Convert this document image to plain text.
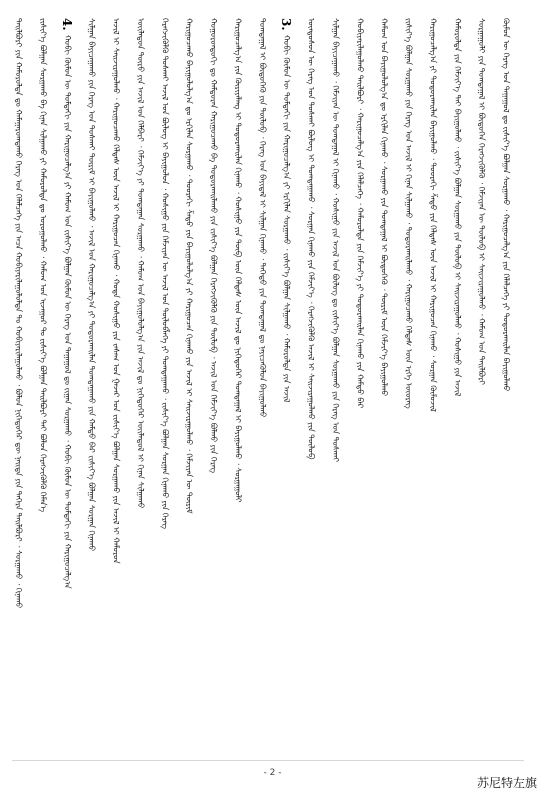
ᠲᠠᠢ᠌ᠯᠪᠤᠷᠢ ᠶᠢᠨ ᠬᠠᠮᠤᠷᠤᠯᠲᠠ ᠳᠤ ᠬᠠᠮᠠᠭᠠᠷᠤᠭᠳᠠᠬᠤ ᠬᠡᠷᠡᠭ ᠤᠨ ᠬᠡᠯᠡᠯᠴᠡᠭᠡ ᠶᠢᠨ ᠠᠴᠠ ᠬᠤᠪᠢᠶᠠᠷᠢᠯᠠᠭᠤᠯᠤᠯᠲᠠ ᠲᠤ ᠬᠤᠪᠢᠶᠠᠷᠢᠯᠠᠭᠤᠯᠬᠤ ᠂ ᠪᠣᠯᠤᠨ ᠨᠢᠭᠡᠳᠦᠭᠡᠷ ᠳᠦ ᠨᠡᠢᠲᠡ ᠶᠢᠨ ᠳᠡᠭᠡᠷᠡ ᠲᠠᠢ᠌ᠯᠪᠤᠷᠢ ᠂ ᠰᠤᠷᠭᠠᠬᠤ ᠂ ᠬᠢᠨᠠᠬᠤ ᠵᠢᠱᠢᠶ᠎ᠡ ᠪᠣᠯᠭᠠᠨ ᠰᠤᠷᠭᠠᠬᠤ ᠪᠠ ᠬᠢᠨᠠᠨ ᠰᠢᠯᠭᠠᠬᠤ ᠶᠢ ᠬᠠᠮᠤᠷᠤᠯᠲᠠ ᠳᠤ ᠣᠷᠤᠭᠤᠯᠬᠤ ᠂ ᠬᠠᠮᠤᠭ ᠤᠨ ᠢᠵᠠᠭᠤᠷ ᠲᠤ ᠵᠢᠱᠢᠶ᠎ᠡ ᠪᠣᠯᠭᠠᠨ ᠲᠠᠢ᠌ᠯᠪᠤᠷᠢ ᠲᠠᠢ ᠪᠣᠯᠤᠨ ᠬᠡᠷᠡᠭᠵᠢᠬᠦᠯᠬᠦ ᠬᠡᠮᠡᠨ᠎ᠡ 4.
ᠬᠤᠪᠢ ᠬᠦᠮᠦᠨ ᠦ ᠳᠤᠮᠳᠠᠬᠢ ᠶᠢᠨ ᠬᠠᠷᠢᠭᠤᠴᠠᠯᠭ᠎ᠠ ᠶᠢ ᠬᠠᠮᠤᠭ ᠤᠨ ᠵᠢᠱᠢᠶ᠎ᠡ ᠪᠣᠯᠭᠠᠨ ᠬᠦᠮᠦᠨ ᠦ ᠬᠡᠷᠡᠭ ᠤᠨ ᠳᠠᠭᠠᠭᠤᠯ ᠳᠤ ᠵᠢᠭᠠᠨ ᠰᠤᠷᠭᠠᠬᠤ ᠂ ᠬᠤᠪᠢ ᠬᠦᠮᠦᠨ ᠦ ᠳᠤᠮᠳᠠᠬᠢ ᠶᠢᠨ ᠬᠠᠷᠢᠭᠤᠴᠠᠯᠭ᠎ᠠ ᠰᠢᠯᠭᠠᠨ ᠪᠠᠶᠢᠴᠠᠭᠠᠬᠤ ᠶᠢᠨ ᠬᠡᠷᠡᠭ ᠤᠨ ᠲᠤᠰᠬᠠᠢ ᠳᠦᠷᠢᠮ ᠢ ᠪᠠᠶᠢᠭᠤᠯᠬᠤ ᠂ ᠠᠵᠢᠯ ᠤᠨ ᠬᠠᠷᠢᠭᠤᠴᠠᠯᠭ᠎ᠠ ᠶᠢ ᠲᠣᠳᠣᠷᠬᠠᠢᠯᠠᠨ ᠲᠣᠭᠲᠠᠭᠠᠬᠤ ᠶᠢᠨ ᠬᠠᠮᠲᠤ ᠪᠡᠷ ᠵᠢᠱᠢᠶ᠎ᠡ ᠪᠣᠯᠭᠠᠨ ᠰᠤᠷᠭᠠᠨ ᠬᠢᠨᠠᠬᠤ ᠠᠵᠢᠯ ᠢ ᠰᠠᠢᠵᠢᠷᠠᠭᠤᠯᠬᠤ ᠂ ᠬᠠᠷᠢᠭᠤᠴᠠᠬᠤ ᠬᠡᠯᠲᠡᠰ ᠦᠨ ᠠᠵᠢᠯ ᠢ ᠬᠠᠷᠢᠭᠤᠴᠠᠨ ᠬᠢᠨᠠᠬᠤ ᠂ ᠬᠣᠲᠠ ᠬᠣᠰᠢᠭᠤ ᠶᠢᠨ ᠵᠠᠰᠠᠭ ᠤᠨ ᠭᠠᠵᠠᠷ ᠤᠨ ᠵᠢᠱᠢᠶ᠎ᠡ ᠪᠣᠯᠭᠠᠨ ᠰᠤᠷᠭᠠᠬᠤ ᠶᠢᠨ ᠠᠵᠢᠯ ᠢ ᠬᠠᠮᠤᠷᠤᠨ ᠦᠢᠯᠡᠳᠦᠨ ᠲᠦᠷᠦ ᠶᠢᠨ ᠠᠵᠢᠯ ᠤᠨ ᠬᠡᠯᠪᠡᠷᠢ ᠂ ᠬᠡᠮᠵᠢᠶ᠎ᠡ ᠶᠢ ᠲᠣᠭᠲᠠᠭᠠᠨ ᠰᠤᠷᠭᠠᠬᠤ ᠂ ᠬᠠᠮᠤᠭ ᠤᠨ ᠪᠠᠶᠢᠭᠤᠯᠤᠯᠭ᠎ᠠ ᠶᠢᠨ ᠠᠵᠢᠯ ᠳᠤ ᠨᠢᠭᠡᠳᠦᠭᠡᠷ ᠦᠢᠯᠡᠳᠦᠯ ᠢ ᠬᠢᠨᠠᠨ ᠰᠢᠯᠭᠠᠬᠤ ᠬᠡᠷᠡᠭᠵᠢᠬᠦᠯᠬᠦ ᠲᠤᠰᠬᠠᠢ ᠠᠵᠢᠯ ᠤᠨ ᠪᠦᠯᠦᠭ ᠢ ᠪᠠᠶᠢᠭᠤᠯᠤᠨ ᠂ ᠬᠣᠰᠢᠭᠤ ᠶᠢᠨ ᠬᠡᠮᠵᠢᠶᠡᠨ ᠦ ᠠᠵᠢᠯ ᠤᠨ ᠲᠥᠯᠥᠪᠯᠡᠭᠡ ᠶᠢ ᠲᠣᠭᠲᠠᠭᠠᠬᠤ ᠂ ᠵᠢᠱᠢᠶ᠎ᠡ ᠪᠣᠯᠭᠠᠨ ᠰᠤᠷᠭᠠᠨ ᠬᠢᠨᠠᠬᠤ ᠶᠢᠨ ᠬᠡᠷᠡᠭ ᠬᠠᠷᠢᠭᠤᠴᠠᠬᠤ ᠪᠠᠶᠢᠭᠤᠯᠤᠯᠭ᠎ᠠ ᠳᠤ ᠡᠷᠬᠢᠯᠡᠨ ᠰᠤᠷᠭᠠᠬᠤ ᠂ ᠳᠣᠣᠷᠠᠬᠢ ᠱᠠᠲᠤ ᠶᠢᠨ ᠪᠠᠶᠢᠭᠤᠯᠤᠯᠭ᠎ᠠ ᠶᠢ ᠬᠠᠷᠢᠭᠤᠴᠠᠨ ᠬᠢᠨᠠᠬᠤ ᠶᠢᠨ ᠠᠵᠢᠯ ᠢ ᠰᠠᠢᠵᠢᠷᠠᠭᠤᠯᠬᠤ ᠂ ᠬᠡᠮᠵᠢᠶᠡᠨ ᠦ ᠳᠦᠷᠢᠮ ᠬᠣᠭᠣᠷᠣᠨᠳᠣᠬᠢ ᠳᠤ ᠬᠠᠮᠲᠤᠷᠠᠨ ᠬᠠᠷᠢᠭᠤᠴᠠᠬᠤ ᠪᠠ ᠲᠣᠳᠣᠷᠬᠠᠢᠯᠠᠬᠤ ᠶᠢᠨ ᠵᠢᠱᠢᠶ᠎ᠡ ᠪᠣᠯᠭᠠᠨ ᠬᠡᠷᠡᠭᠵᠢᠬᠦᠯᠬᠦ ᠶᠢᠨ ᠲᠥᠯᠦᠪ ᠂ ᠠᠵᠢᠯ ᠤᠨ ᠬᠡᠮᠵᠢᠶ᠎ᠡ ᠪᠣᠯᠬᠤ ᠶᠢᠨ ᠬᠡᠷᠡᠭ ᠬᠠᠷᠢᠭᠤᠴᠠᠯᠭ᠎ᠠ ᠶᠢᠨ ᠬᠦᠷᠢᠶᠡᠯᠡᠩ ᠢ ᠲᠣᠳᠣᠷᠬᠠᠢᠯᠠᠨ ᠬᠢᠨᠠᠬᠤ ᠂ ᠬᠣᠰᠢᠭᠤ ᠶᠢᠨ ᠲᠥᠪ ᠦᠨ ᠬᠡᠯᠲᠡᠰ ᠦᠨ ᠠᠵᠢᠯ ᠳᠤ ᠨᠢᠭᠡᠳᠦᠭᠡᠷ ᠲᠣᠭᠲᠠᠭᠠᠯ ᠢ ᠪᠠᠶᠢᠭᠤᠯᠬᠤ ᠂ ᠰᠤᠷᠭᠠᠭᠤᠯᠢ ᠲᠣᠭᠲᠠᠭᠠᠯ ᠢ ᠪᠦᠲᠦᠭᠡᠬᠦ ᠶᠢᠨ ᠲᠥᠯᠦᠪ ᠂ ᠬᠡᠷᠡᠭ ᠤᠨ ᠪᠠᠶᠢᠳᠠᠯ ᠢ ᠰᠢᠯᠭᠠᠨ ᠬᠢᠨᠠᠬᠤ ᠂ ᠳᠡᠭᠡᠳᠦ ᠶᠢᠨ ᠲᠣᠭᠲᠠᠭᠠᠯ ᠳᠤ ᠨᠡᠶᠢᠴᠡᠭᠦᠯᠦᠨ ᠪᠠᠶᠢᠭᠤᠯᠬᠤ 3.
ᠬᠤᠪᠢ ᠬᠦᠮᠦᠨ ᠦ ᠳᠤᠮᠳᠠᠬᠢ ᠶᠢᠨ ᠬᠠᠷᠢᠭᠤᠴᠠᠯᠭ᠎ᠠ ᠶᠢ ᠡᠷᠬᠢᠯᠡᠨ ᠰᠤᠷᠭᠠᠬᠤ ᠂ ᠵᠢᠱᠢᠶ᠎ᠡ ᠪᠣᠯᠭᠠᠨ ᠰᠢᠯᠭᠠᠬᠤ ᠂ ᠬᠠᠮᠤᠷᠤᠯᠲᠠ ᠶᠢᠨ ᠠᠵᠢᠯ ᠦᠨᠳᠦᠰᠦᠨ ᠦ ᠬᠡᠷᠡᠭ ᠤᠨ ᠲᠤᠰᠬᠠᠢ ᠪᠦᠯᠦᠭ ᠢ ᠲᠣᠭᠲᠠᠭᠠᠬᠤ ᠂ ᠰᠤᠷᠭᠠᠨ ᠬᠢᠨᠠᠬᠤ ᠶᠢᠨ ᠬᠡᠮᠵᠢᠶ᠎ᠡ ᠂ ᠬᠡᠷᠡᠭᠵᠢᠬᠦᠯᠬᠦ ᠠᠵᠢᠯ ᠢ ᠰᠠᠢᠵᠢᠷᠠᠭᠤᠯᠬᠤ ᠶᠢᠨ ᠲᠥᠯᠦᠪ ᠰᠢᠯᠭᠠᠨ ᠪᠠᠶᠢᠴᠠᠭᠠᠬᠤ ᠂ ᠬᠡᠮᠵᠢᠶᠡᠨ ᠦ ᠲᠣᠭᠲᠠᠭᠠᠯ ᠢ ᠬᠢᠨᠠᠬᠤ ᠂ ᠬᠣᠰᠢᠭᠤ ᠶᠢᠨ ᠠᠵᠢᠯ ᠤᠨ ᠪᠦᠯᠦᠭ ᠳᠤ ᠵᠢᠱᠢᠶ᠎ᠡ ᠪᠣᠯᠭᠠᠨ ᠰᠤᠷᠭᠠᠬᠤ ᠶᠢᠨ ᠬᠡᠷᠡᠭ ᠤᠨ ᠲᠤᠰᠬᠠᠢ ᠬᠤᠪᠢᠶᠠᠷᠢᠯᠠᠭᠤᠯᠬᠤ ᠲᠠᠢ᠌ᠯᠪᠤᠷᠢ ᠂ ᠬᠠᠷᠢᠭᠤᠴᠠᠯᠭ᠎ᠠ ᠶᠢᠨ ᠬᠡᠯᠡᠯᠴᠡᠭᠡ ᠂ ᠬᠠᠮᠤᠷᠤᠯᠲᠠ ᠶᠢᠨ ᠬᠡᠮᠵᠢᠶ᠎ᠡ ᠶᠢ ᠲᠣᠳᠣᠷᠬᠠᠢᠯᠠᠨ ᠬᠢᠨᠠᠬᠤ ᠶᠢᠨ ᠬᠠᠮᠲᠤ ᠪᠡᠷ ᠬᠠᠮᠤᠭ ᠤᠨ ᠪᠠᠶᠢᠭᠤᠯᠤᠯᠭ᠎ᠠ ᠳᠤ ᠡᠷᠬᠢᠯᠡᠨ ᠬᠢᠨᠠᠬᠤ ᠂ ᠰᠤᠷᠭᠠᠬᠤ ᠶᠢᠨ ᠲᠣᠭᠲᠠᠭᠠᠯ ᠢ ᠪᠦᠲᠦᠭᠡᠬᠦ ᠂ ᠳᠦᠷᠢᠮ ᠦᠨ ᠬᠡᠮᠵᠢᠶ᠎ᠡ ᠪᠠᠶᠢᠭᠤᠯᠬᠤ ᠵᠢᠱᠢᠶ᠎ᠡ ᠪᠣᠯᠭᠠᠨ ᠰᠤᠷᠭᠠᠬᠤ ᠶᠢᠨ ᠬᠡᠷᠡᠭ ᠤᠨ ᠠᠵᠢᠯ ᠢ ᠬᠢᠨᠠᠨ ᠰᠢᠯᠭᠠᠬᠤ ᠂ ᠲᠣᠳᠣᠷᠬᠠᠢᠯᠠᠬᠤ ᠂ ᠬᠠᠷᠢᠭᠤᠴᠠᠬᠤ ᠬᠡᠯᠲᠡᠰ ᠦᠨ ᠡᠷᠬᠡ ᠦᠦᠷᠡᠭ ᠬᠠᠷᠢᠭᠤᠴᠠᠯᠭ᠎ᠠ ᠶᠢ ᠲᠣᠳᠣᠷᠬᠠᠢᠯᠠᠨ ᠪᠠᠶᠢᠭᠤᠯᠬᠤ ᠂ ᠳᠣᠣᠷᠠᠬᠢ ᠱᠠᠲᠤ ᠶᠢᠨ ᠬᠡᠯᠲᠡᠰ ᠦᠨ ᠠᠵᠢᠯ ᠢ ᠬᠠᠷᠢᠭᠤᠴᠠᠨ ᠬᠢᠨᠠᠬᠤ ᠂ ᠰᠤᠷᠭᠠᠨ ᠬᠦᠮᠦᠵᠢᠯ ᠬᠠᠮᠤᠷᠤᠯᠲᠠ ᠶᠢᠨ ᠬᠡᠮᠵᠢᠶ᠎ᠡ ᠲᠠᠢ ᠪᠠᠶᠢᠭᠤᠯᠬᠤ ᠂ ᠵᠢᠱᠢᠶ᠎ᠡ ᠪᠣᠯᠭᠠᠨ ᠰᠤᠷᠭᠠᠬᠤ ᠶᠢᠨ ᠲᠥᠯᠦᠪ ᠢ ᠰᠠᠢᠵᠢᠷᠠᠭᠤᠯᠬᠤ ᠂ ᠬᠣᠰᠢᠭᠤ ᠶᠢᠨ ᠠᠵᠢᠯ ᠰᠤᠷᠭᠠᠭᠤᠯᠢ ᠶᠢᠨ ᠲᠣᠭᠲᠠᠭᠠᠯ ᠢ ᠪᠦᠲᠦᠭᠡᠨ ᠬᠡᠷᠡᠭᠵᠢᠬᠦᠯᠬᠦ ᠂ ᠬᠡᠮᠵᠢᠶᠡᠨ ᠦ ᠲᠥᠯᠦᠪ ᠢ ᠰᠠᠢᠵᠢᠷᠠᠭᠤᠯᠬᠤ ᠂ ᠬᠠᠮᠤᠭ ᠤᠨ ᠲᠠᠢ᠌ᠯᠪᠤᠷᠢ ᠬᠦᠮᠦᠨ ᠦ ᠬᠡᠷᠡᠭ ᠤᠨ ᠳᠠᠭᠠᠭᠤᠯ ᠳᠤ ᠵᠢᠱᠢᠶ᠎ᠡ ᠪᠣᠯᠭᠠᠨ ᠰᠤᠷᠭᠠᠬᠤ ᠂ ᠬᠠᠷᠢᠭᠤᠴᠠᠯᠭ᠎ᠠ ᠶᠢᠨ ᠬᠡᠯᠡᠯᠴᠡᠭᠡ ᠶᠢ ᠲᠣᠳᠣᠷᠬᠠᠢᠯᠠᠨ ᠪᠠᠶᠢᠭᠤᠯᠬᠤ
- 2 -
苏尼特左旗
